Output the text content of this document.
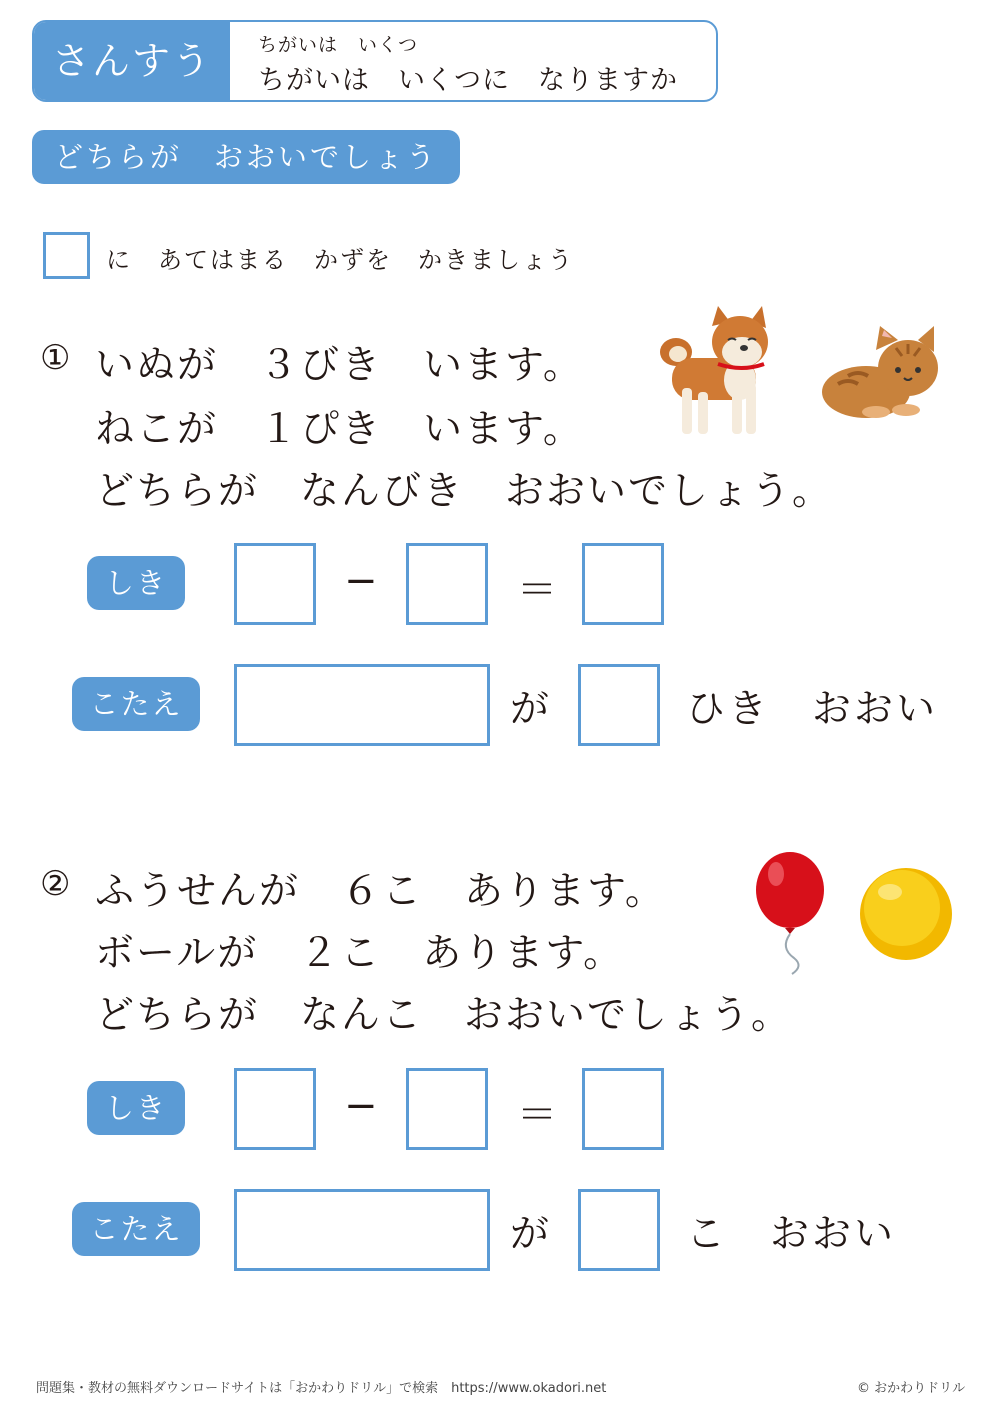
さんすう	ちがいは　いくつ
ちがいは　いくつに　なりますか
どちらが　おおいでしょう
に　あてはまる　かずを　かきましょう
① いぬが　３びき　います。
ねこが　１ぴき　います。
どちらが　なんびき　おおいでしょう。
しき	−	＝
こたえ	が	ひき　おおい
② ふうせんが　６こ　あります。
ボールが　２こ　あります。
どちらが　なんこ　おおいでしょう。
しき	−	＝
こたえ	が	こ　おおい
問題集・教材の無料ダウンロードサイトは「おかわりドリル」で検索　https://www.okadori.net	© おかわりドリル
